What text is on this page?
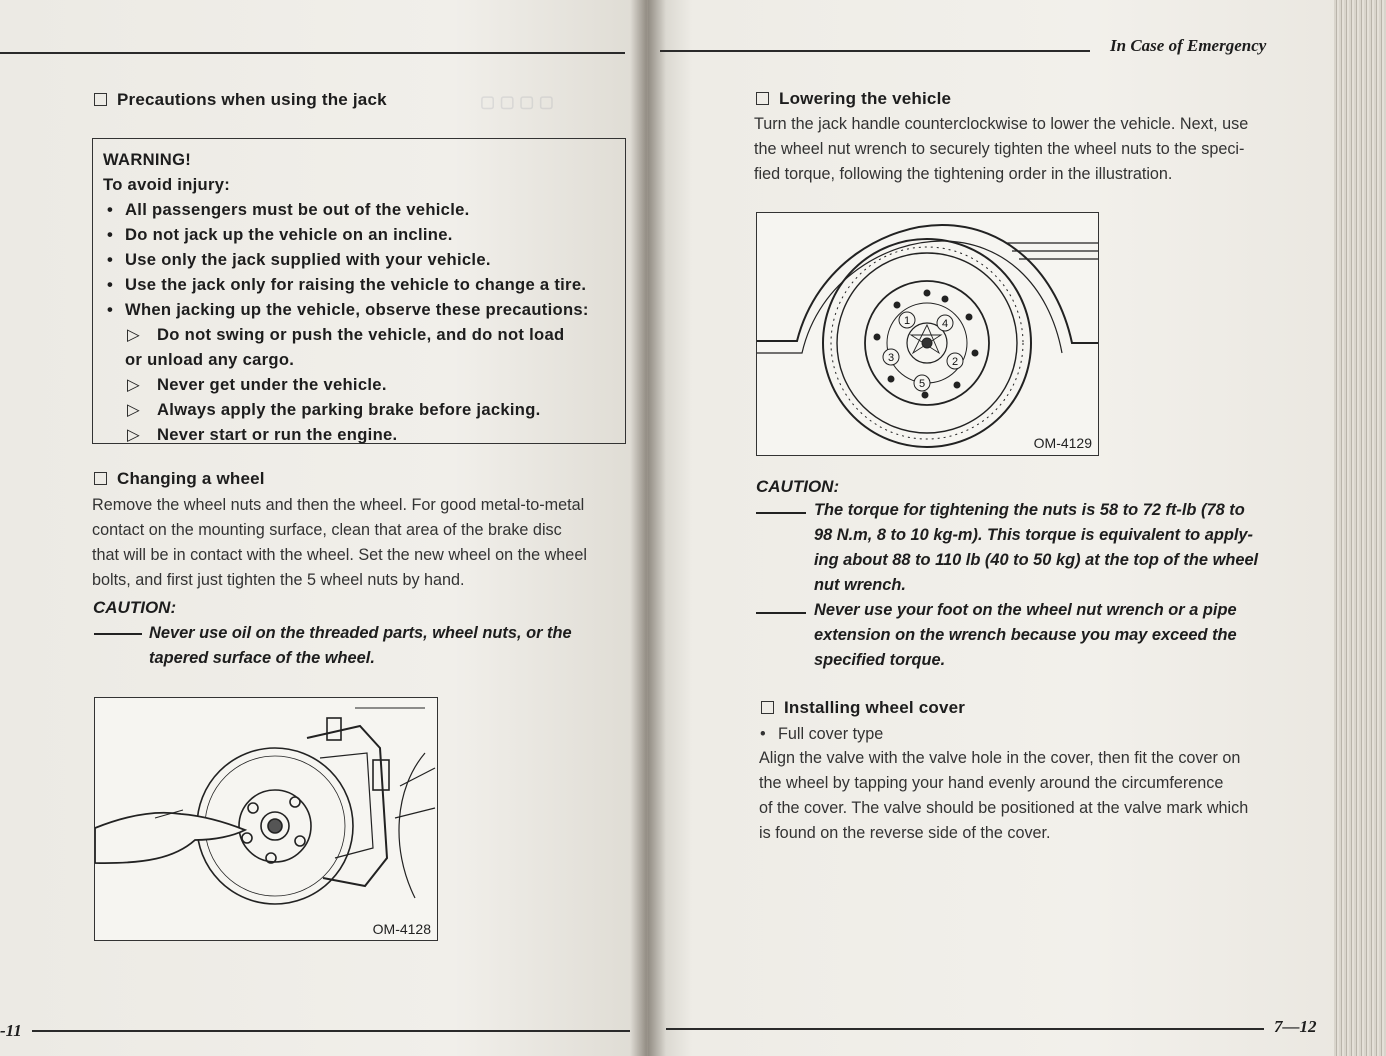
▢ ▢ ▢ ▢
Precautions when using the jack
WARNING!
To avoid injury:
• All passengers must be out of the vehicle.
• Do not jack up the vehicle on an incline.
• Use only the jack supplied with your vehicle.
• Use the jack only for raising the vehicle to change a tire.
• When jacking up the vehicle, observe these precautions:
▷ Do not swing or push the vehicle, and do not load
or unload any cargo.
▷ Never get under the vehicle.
▷ Always apply the parking brake before jacking.
▷ Never start or run the engine.
Changing a wheel
Remove the wheel nuts and then the wheel. For good metal-to-metal
contact on the mounting surface, clean that area of the brake disc
that will be in contact with the wheel. Set the new wheel on the wheel
bolts, and first just tighten the 5 wheel nuts by hand.
CAUTION:
Never use oil on the threaded parts, wheel nuts, or the
tapered surface of the wheel.
OM-4128
-11
In Case of Emergency
Lowering the vehicle
Turn the jack handle counterclockwise to lower the vehicle. Next, use
the wheel nut wrench to securely tighten the wheel nuts to the speci-
fied torque, following the tightening order in the illustration.
1
2
3
4
5
OM-4129
CAUTION:
The torque for tightening the nuts is 58 to 72 ft-lb (78 to
98 N.m, 8 to 10 kg-m). This torque is equivalent to apply-
ing about 88 to 110 lb (40 to 50 kg) at the top of the wheel
nut wrench.
Never use your foot on the wheel nut wrench or a pipe
extension on the wrench because you may exceed the
specified torque.
Installing wheel cover
• Full cover type
Align the valve with the valve hole in the cover, then fit the cover on
the wheel by tapping your hand evenly around the circumference
of the cover. The valve should be positioned at the valve mark which
is found on the reverse side of the cover.
7—12
